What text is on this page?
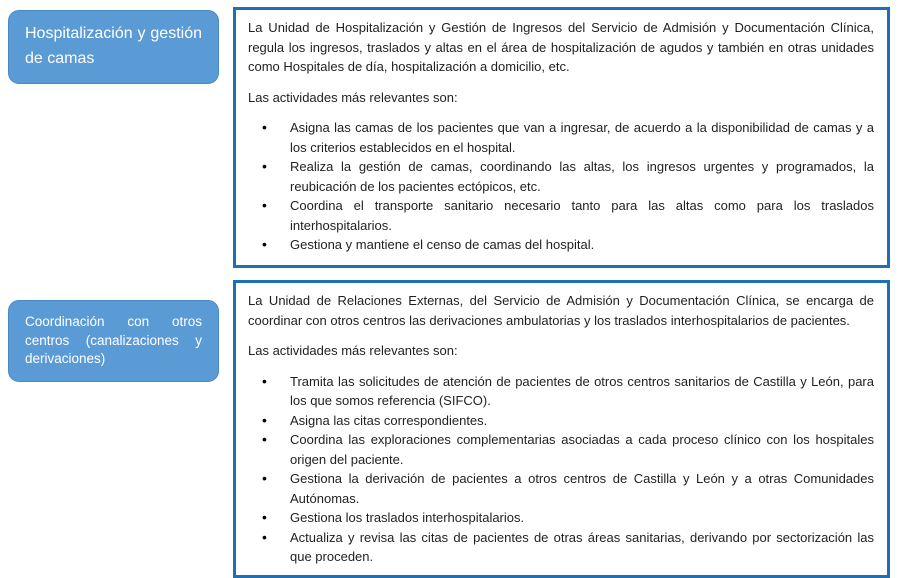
Hospitalización y gestión de camas

La Unidad de Hospitalización y Gestión de Ingresos del Servicio de Admisión y Documentación Clínica, regula los ingresos, traslados y altas en el área de hospitalización de agudos y también en otras unidades como Hospitales de día, hospitalización a domicilio, etc.

Las actividades más relevantes son:

• Asigna las camas de los pacientes que van a ingresar, de acuerdo a la disponibilidad de camas y a los criterios establecidos en el hospital.
• Realiza la gestión de camas, coordinando las altas, los ingresos urgentes y programados, la reubicación de los pacientes ectópicos, etc.
• Coordina el transporte sanitario necesario tanto para las altas como para los traslados interhospitalarios.
• Gestiona y mantiene el censo de camas del hospital.
Coordinación con otros centros (canalizaciones y derivaciones)

La Unidad de Relaciones Externas, del Servicio de Admisión y Documentación Clínica, se encarga de coordinar con otros centros las derivaciones ambulatorias y los traslados interhospitalarios de pacientes.

Las actividades más relevantes son:

• Tramita las solicitudes de atención de pacientes de otros centros sanitarios de Castilla y León, para los que somos referencia (SIFCO).
• Asigna las citas correspondientes.
• Coordina las exploraciones complementarias asociadas a cada proceso clínico con los hospitales origen del paciente.
• Gestiona la derivación de pacientes a otros centros de Castilla y León y a otras Comunidades Autónomas.
• Gestiona los traslados interhospitalarios.
• Actualiza y revisa las citas de pacientes de otras áreas sanitarias, derivando por sectorización las que proceden.
